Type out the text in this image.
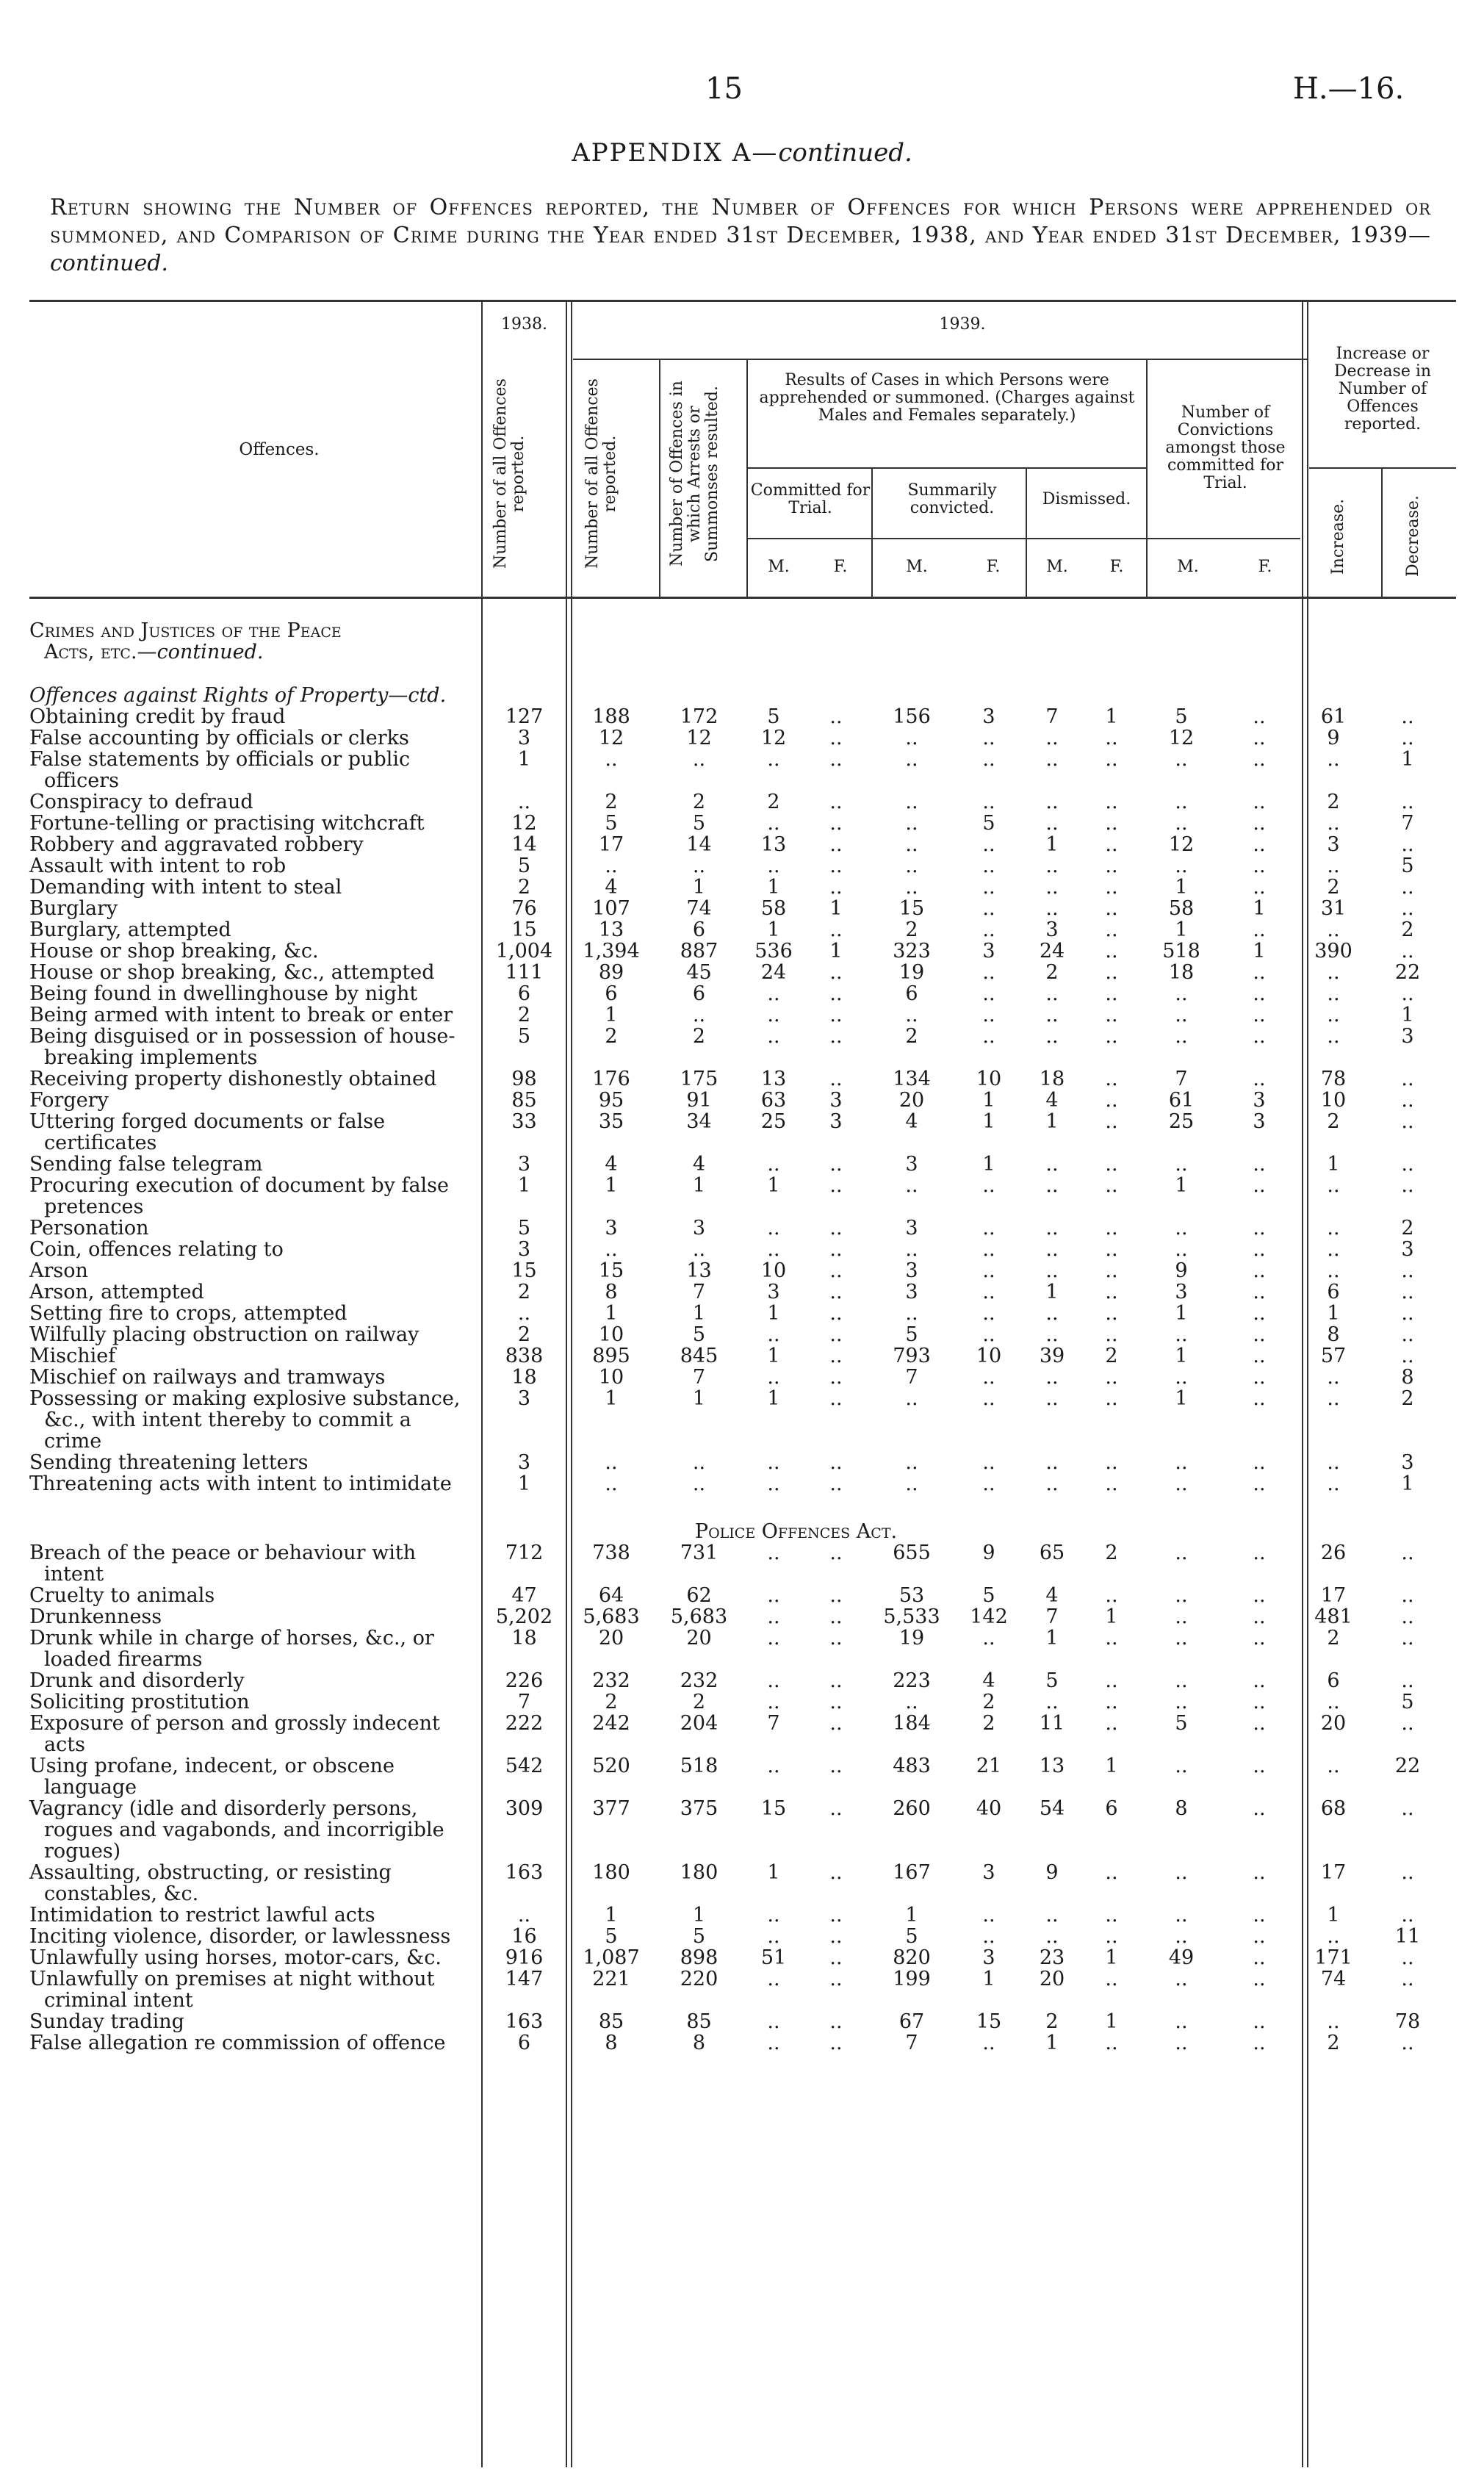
15	H.—16.
APPENDIX A—continued.
Return showing the Number of Offences reported, the Number of Offences for which Persons were apprehended or summoned, and Comparison of Crime during the Year ended 31st December, 1938, and Year ended 31st December, 1939—continued.
Offences.
1938.	1939.
Number of all Offences reported.	Number of all Offences reported.	Number of Offences in which Arrests or Summonses resulted.
Results of Cases in which Persons were apprehended or summoned. (Charges against Males and Females separately.)
Committed for Trial.
Summarily convicted.	Dismissed.
Number of Convictions amongst those committed for Trial.
Increase or Decrease in Number of Offences reported.
Increase.	Decrease.
M.	F.	M.	F.	M.	F.	M.	F.
Crimes and Justices of the Peace
Acts, etc.—continued.													

Offences against Rights of Property—ctd.													
Obtaining credit by fraud	127	188	172	5	..	156	3	7	1	5	..	61	..
False accounting by officials or clerks	3	12	12	12	..	..	..	..	..	12	..	9	..
False statements by officials or public officers	1	..	..	..	..	..	..	..	..	..	..	..	1
Conspiracy to defraud	..	2	2	2	..	..	..	..	..	..	..	2	..
Fortune-telling or practising witchcraft	12	5	5	..	..	..	5	..	..	..	..	..	7
Robbery and aggravated robbery	14	17	14	13	..	..	..	1	..	12	..	3	..
Assault with intent to rob	5	..	..	..	..	..	..	..	..	..	..	..	5
Demanding with intent to steal	2	4	1	1	..	..	..	..	..	1	..	2	..
Burglary	76	107	74	58	1	15	..	..	..	58	1	31	..
Burglary, attempted	15	13	6	1	..	2	..	3	..	1	..	..	2
House or shop breaking, &c.	1,004	1,394	887	536	1	323	3	24	..	518	1	390	..
House or shop breaking, &c., attempted	111	89	45	24	..	19	..	2	..	18	..	..	22
Being found in dwellinghouse by night	6	6	6	..	..	6	..	..	..	..	..	..	..
Being armed with intent to break or enter	2	1	..	..	..	..	..	..	..	..	..	..	1
Being disguised or in possession of house-breaking implements	5	2	2	..	..	2	..	..	..	..	..	..	3
Receiving property dishonestly obtained	98	176	175	13	..	134	10	18	..	7	..	78	..
Forgery	85	95	91	63	3	20	1	4	..	61	3	10	..
Uttering forged documents or false certificates	33	35	34	25	3	4	1	1	..	25	3	2	..
Sending false telegram	3	4	4	..	..	3	1	..	..	..	..	1	..
Procuring execution of document by false pretences	1	1	1	1	..	..	..	..	..	1	..	..	..
Personation	5	3	3	..	..	3	..	..	..	..	..	..	2
Coin, offences relating to	3	..	..	..	..	..	..	..	..	..	..	..	3
Arson	15	15	13	10	..	3	..	..	..	9	..	..	..
Arson, attempted	2	8	7	3	..	3	..	1	..	3	..	6	..
Setting fire to crops, attempted	..	1	1	1	..	..	..	..	..	1	..	1	..
Wilfully placing obstruction on railway	2	10	5	..	..	5	..	..	..	..	..	8	..
Mischief	838	895	845	1	..	793	10	39	2	1	..	57	..
Mischief on railways and tramways	18	10	7	..	..	7	..	..	..	..	..	..	8
Possessing or making explosive substance, &c., with intent thereby to commit a crime	3	1	1	1	..	..	..	..	..	1	..	..	2
Sending threatening letters	3	..	..	..	..	..	..	..	..	..	..	..	3
Threatening acts with intent to intimidate	1	..	..	..	..	..	..	..	..	..	..	..	1

Police Offences Act.													
Breach of the peace or behaviour with intent	712	738	731	..	..	655	9	65	2	..	..	26	..
Cruelty to animals	47	64	62	..	..	53	5	4	..	..	..	17	..
Drunkenness	5,202	5,683	5,683	..	..	5,533	142	7	1	..	..	481	..
Drunk while in charge of horses, &c., or loaded firearms	18	20	20	..	..	19	..	1	..	..	..	2	..
Drunk and disorderly	226	232	232	..	..	223	4	5	..	..	..	6	..
Soliciting prostitution	7	2	2	..	..	..	2	..	..	..	..	..	5
Exposure of person and grossly indecent acts	222	242	204	7	..	184	2	11	..	5	..	20	..
Using profane, indecent, or obscene language	542	520	518	..	..	483	21	13	1	..	..	..	22
Vagrancy (idle and disorderly persons, rogues and vagabonds, and incorrigible rogues)	309	377	375	15	..	260	40	54	6	8	..	68	..
Assaulting, obstructing, or resisting constables, &c.	163	180	180	1	..	167	3	9	..	..	..	17	..
Intimidation to restrict lawful acts	..	1	1	..	..	1	..	..	..	..	..	1	..
Inciting violence, disorder, or lawlessness	16	5	5	..	..	5	..	..	..	..	..	..	11
Unlawfully using horses, motor-cars, &c.	916	1,087	898	51	..	820	3	23	1	49	..	171	..
Unlawfully on premises at night without criminal intent	147	221	220	..	..	199	1	20	..	..	..	74	..
Sunday trading	163	85	85	..	..	67	15	2	1	..	..	..	78
False allegation re commission of offence	6	8	8	..	..	7	..	1	..	..	..	2	..
